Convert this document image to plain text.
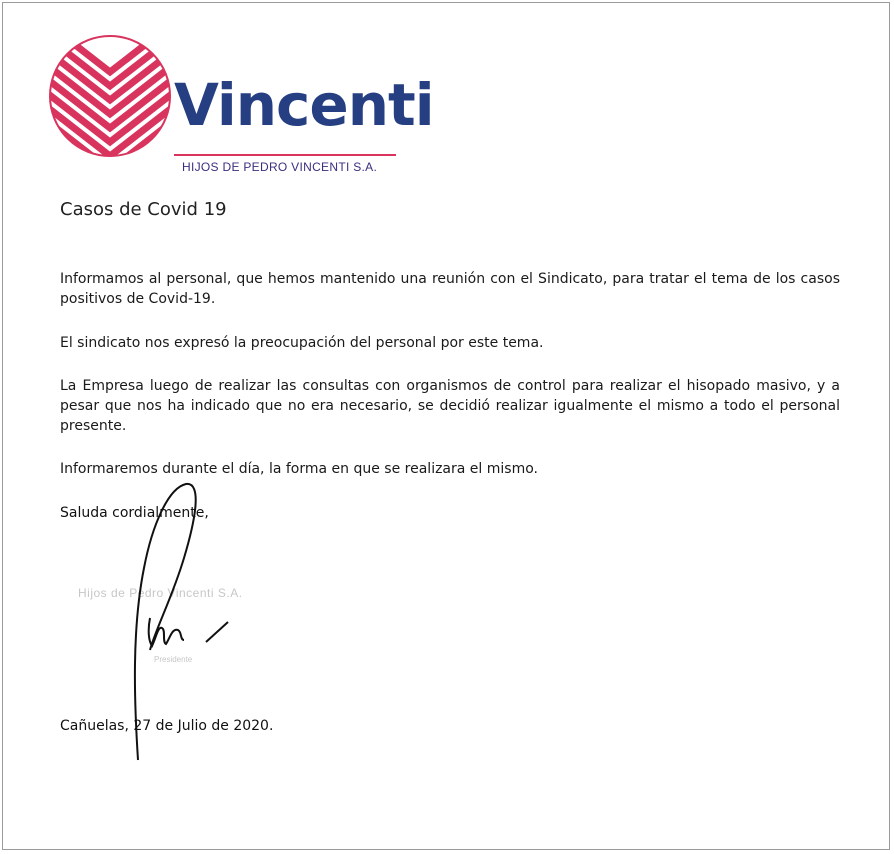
Vincenti
HIJOS DE PEDRO VINCENTI S.A.
Casos de Covid 19
Informamos al personal, que hemos mantenido una reunión con el Sindicato, para tratar el tema de los casos positivos de Covid-19.
El sindicato nos expresó la preocupación del personal por este tema.
La Empresa luego de realizar las consultas con organismos de control para realizar el hisopado masivo, y a pesar que nos ha indicado que no era necesario, se decidió realizar igualmente el mismo a todo el personal presente.
Informaremos durante el día, la forma en que se realizara el mismo.
Saluda cordialmente,
Hijos de Pedro Vincenti S.A.
Presidente
Cañuelas, 27 de Julio de 2020.
